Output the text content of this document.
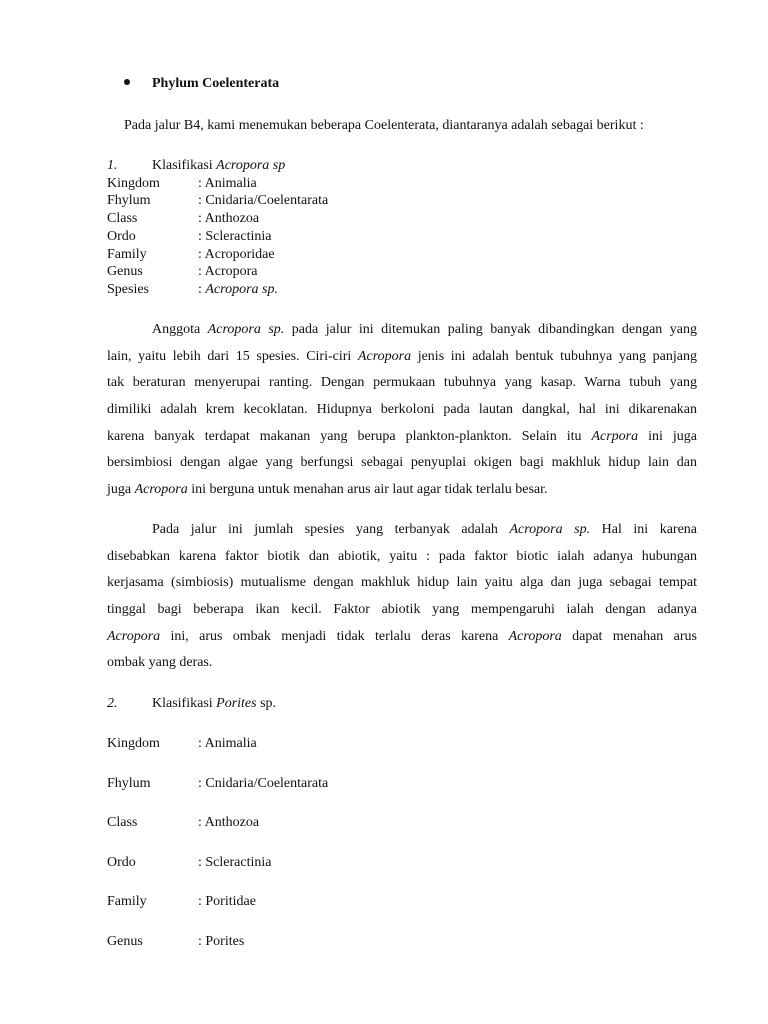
Phylum Coelenterata
Pada jalur B4, kami menemukan beberapa Coelenterata, diantaranya adalah sebagai berikut :
1. Klasifikasi Acropora sp
Kingdom	: Animalia
Fhylum	: Cnidaria/Coelentarata
Class	: Anthozoa
Ordo	: Scleractinia
Family	: Acroporidae
Genus	: Acropora
Spesies	: Acropora sp.
Anggota Acropora sp. pada jalur ini ditemukan paling banyak dibandingkan dengan yang
lain, yaitu lebih dari 15 spesies. Ciri-ciri Acropora jenis ini adalah bentuk tubuhnya yang panjang
tak beraturan menyerupai ranting. Dengan permukaan tubuhnya yang kasap. Warna tubuh yang
dimiliki adalah krem kecoklatan. Hidupnya berkoloni pada lautan dangkal, hal ini dikarenakan
karena banyak terdapat makanan yang berupa plankton-plankton. Selain itu Acrpora ini juga
bersimbiosi dengan algae yang berfungsi sebagai penyuplai okigen bagi makhluk hidup lain dan
juga Acropora ini berguna untuk menahan arus air laut agar tidak terlalu besar.
Pada jalur ini jumlah spesies yang terbanyak adalah Acropora sp. Hal ini karena
disebabkan karena faktor biotik dan abiotik, yaitu : pada faktor biotic ialah adanya hubungan
kerjasama (simbiosis) mutualisme dengan makhluk hidup lain yaitu alga dan juga sebagai tempat
tinggal bagi beberapa ikan kecil. Faktor abiotik yang mempengaruhi ialah dengan adanya
Acropora ini, arus ombak menjadi tidak terlalu deras karena Acropora dapat menahan arus
ombak yang deras.
2. Klasifikasi Porites sp.
Kingdom	: Animalia
Fhylum	: Cnidaria/Coelentarata
Class	: Anthozoa
Ordo	: Scleractinia
Family	: Poritidae
Genus	: Porites
